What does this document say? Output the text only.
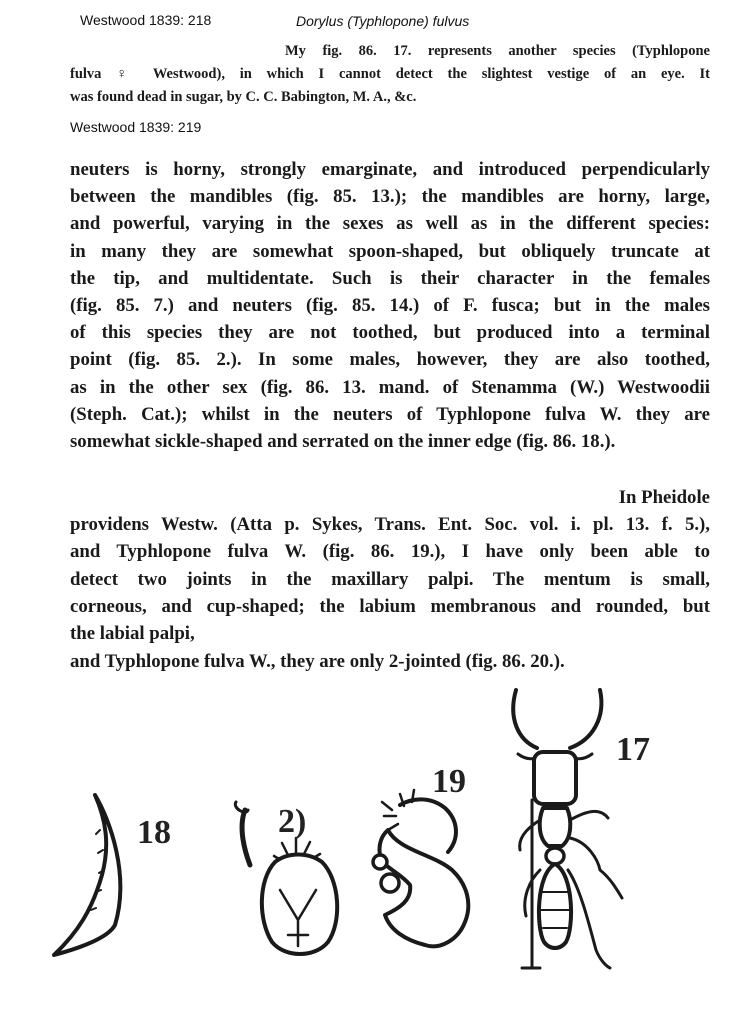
Westwood 1839: 218	Dorylus (Typhlopone) fulvus
My fig. 86. 17. represents another species (Typhlopone
fulva ♀ Westwood), in which I cannot detect the slightest vestige of an eye. It
was found dead in sugar, by C. C. Babington, M. A., &c.
Westwood 1839: 219
neuters is horny, strongly emarginate, and introduced perpendicularly
between the mandibles (fig. 85. 13.); the mandibles are horny, large,
and powerful, varying in the sexes as well as in the different species:
in many they are somewhat spoon-shaped, but obliquely truncate at
the tip, and multidentate. Such is their character in the females
(fig. 85. 7.) and neuters (fig. 85. 14.) of F. fusca; but in the males
of this species they are not toothed, but produced into a terminal
point (fig. 85. 2.). In some males, however, they are also toothed,
as in the other sex (fig. 86. 13. mand. of Stenamma (W.) Westwoodii
(Steph. Cat.); whilst in the neuters of Typhlopone fulva W. they are
somewhat sickle-shaped and serrated on the inner edge (fig. 86. 18.).
In Pheidole
providens Westw. (Atta p. Sykes, Trans. Ent. Soc. vol. i. pl. 13. f. 5.),
and Typhlopone fulva W. (fig. 86. 19.), I have only been able to
detect two joints in the maxillary palpi. The mentum is small,
corneous, and cup-shaped; the labium membranous and rounded, but
the labial palpi,
and Typhlopone fulva W., they are only 2-jointed (fig. 86. 20.).
18	2)
19
17
